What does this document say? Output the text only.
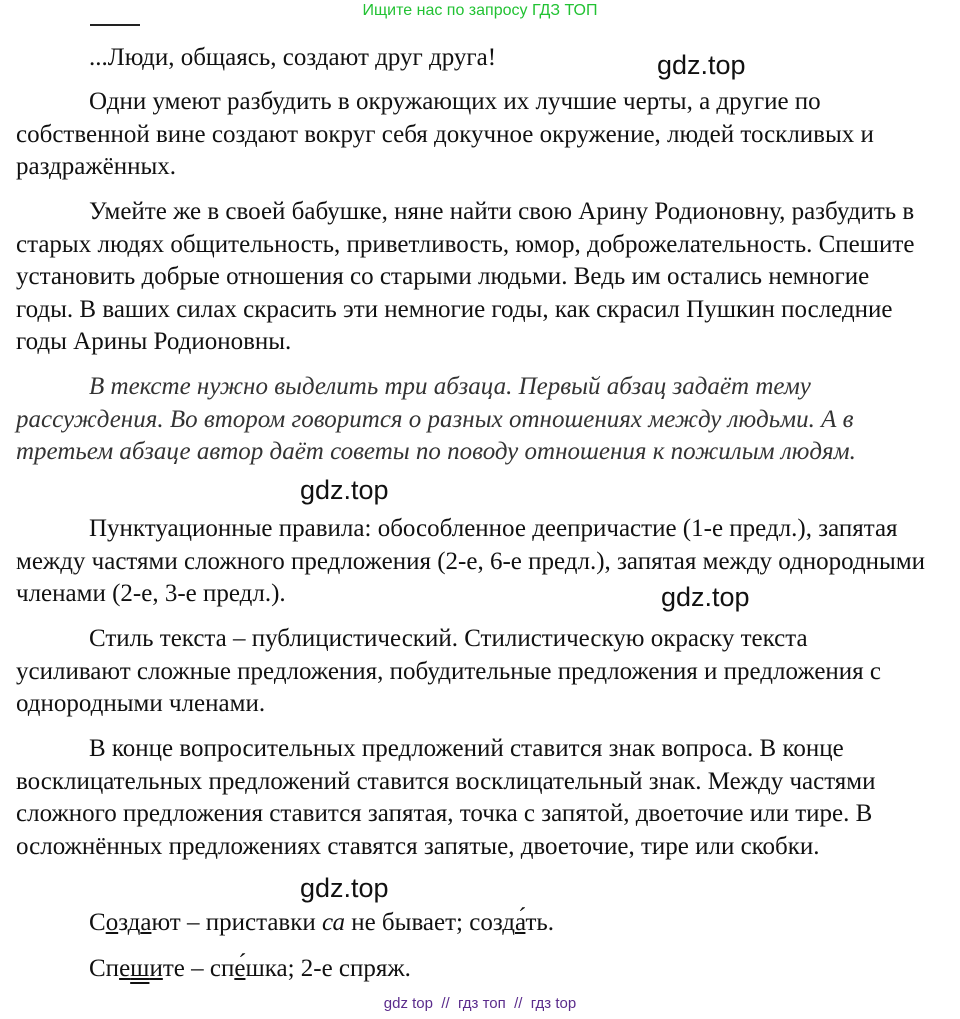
Ищите нас по запросу ГДЗ ТОП

...Люди, общаясь, создают друг друга!

Одни умеют разбудить в окружающих их лучшие черты, а другие по собственной вине создают вокруг себя докучное окружение, людей тоскливых и раздражённых.

Умейте же в своей бабушке, няне найти свою Арину Родионовну, разбудить в старых людях общительность, приветливость, юмор, доброжелательность. Спешите установить добрые отношения со старыми людьми. Ведь им остались немногие годы. В ваших силах скрасить эти немногие годы, как скрасил Пушкин последние годы Арины Родионовны.

В тексте нужно выделить три абзаца. Первый абзац задаёт тему рассуждения. Во втором говорится о разных отношениях между людьми. А в третьем абзаце автор даёт советы по поводу отношения к пожилым людям.

Пунктуационные правила: обособленное деепричастие (1-е предл.), запятая между частями сложного предложения (2-е, 6-е предл.), запятая между однородными членами (2-е, 3-е предл.).

Стиль текста – публицистический. Стилистическую окраску текста усиливают сложные предложения, побудительные предложения и предложения с однородными членами.

В конце вопросительных предложений ставится знак вопроса. В конце восклицательных предложений ставится восклицательный знак. Между частями сложного предложения ставится запятая, точка с запятой, двоеточие или тире. В осложнённых предложениях ставятся запятые, двоеточие, тире или скобки.

Создают – приставки са не бывает; созда́ть.

Спешите – спе́шка; 2-е спряж.

gdz.top
gdz.top
gdz.top
gdz.top
gdz top  //  гдз топ  //  гдз top
